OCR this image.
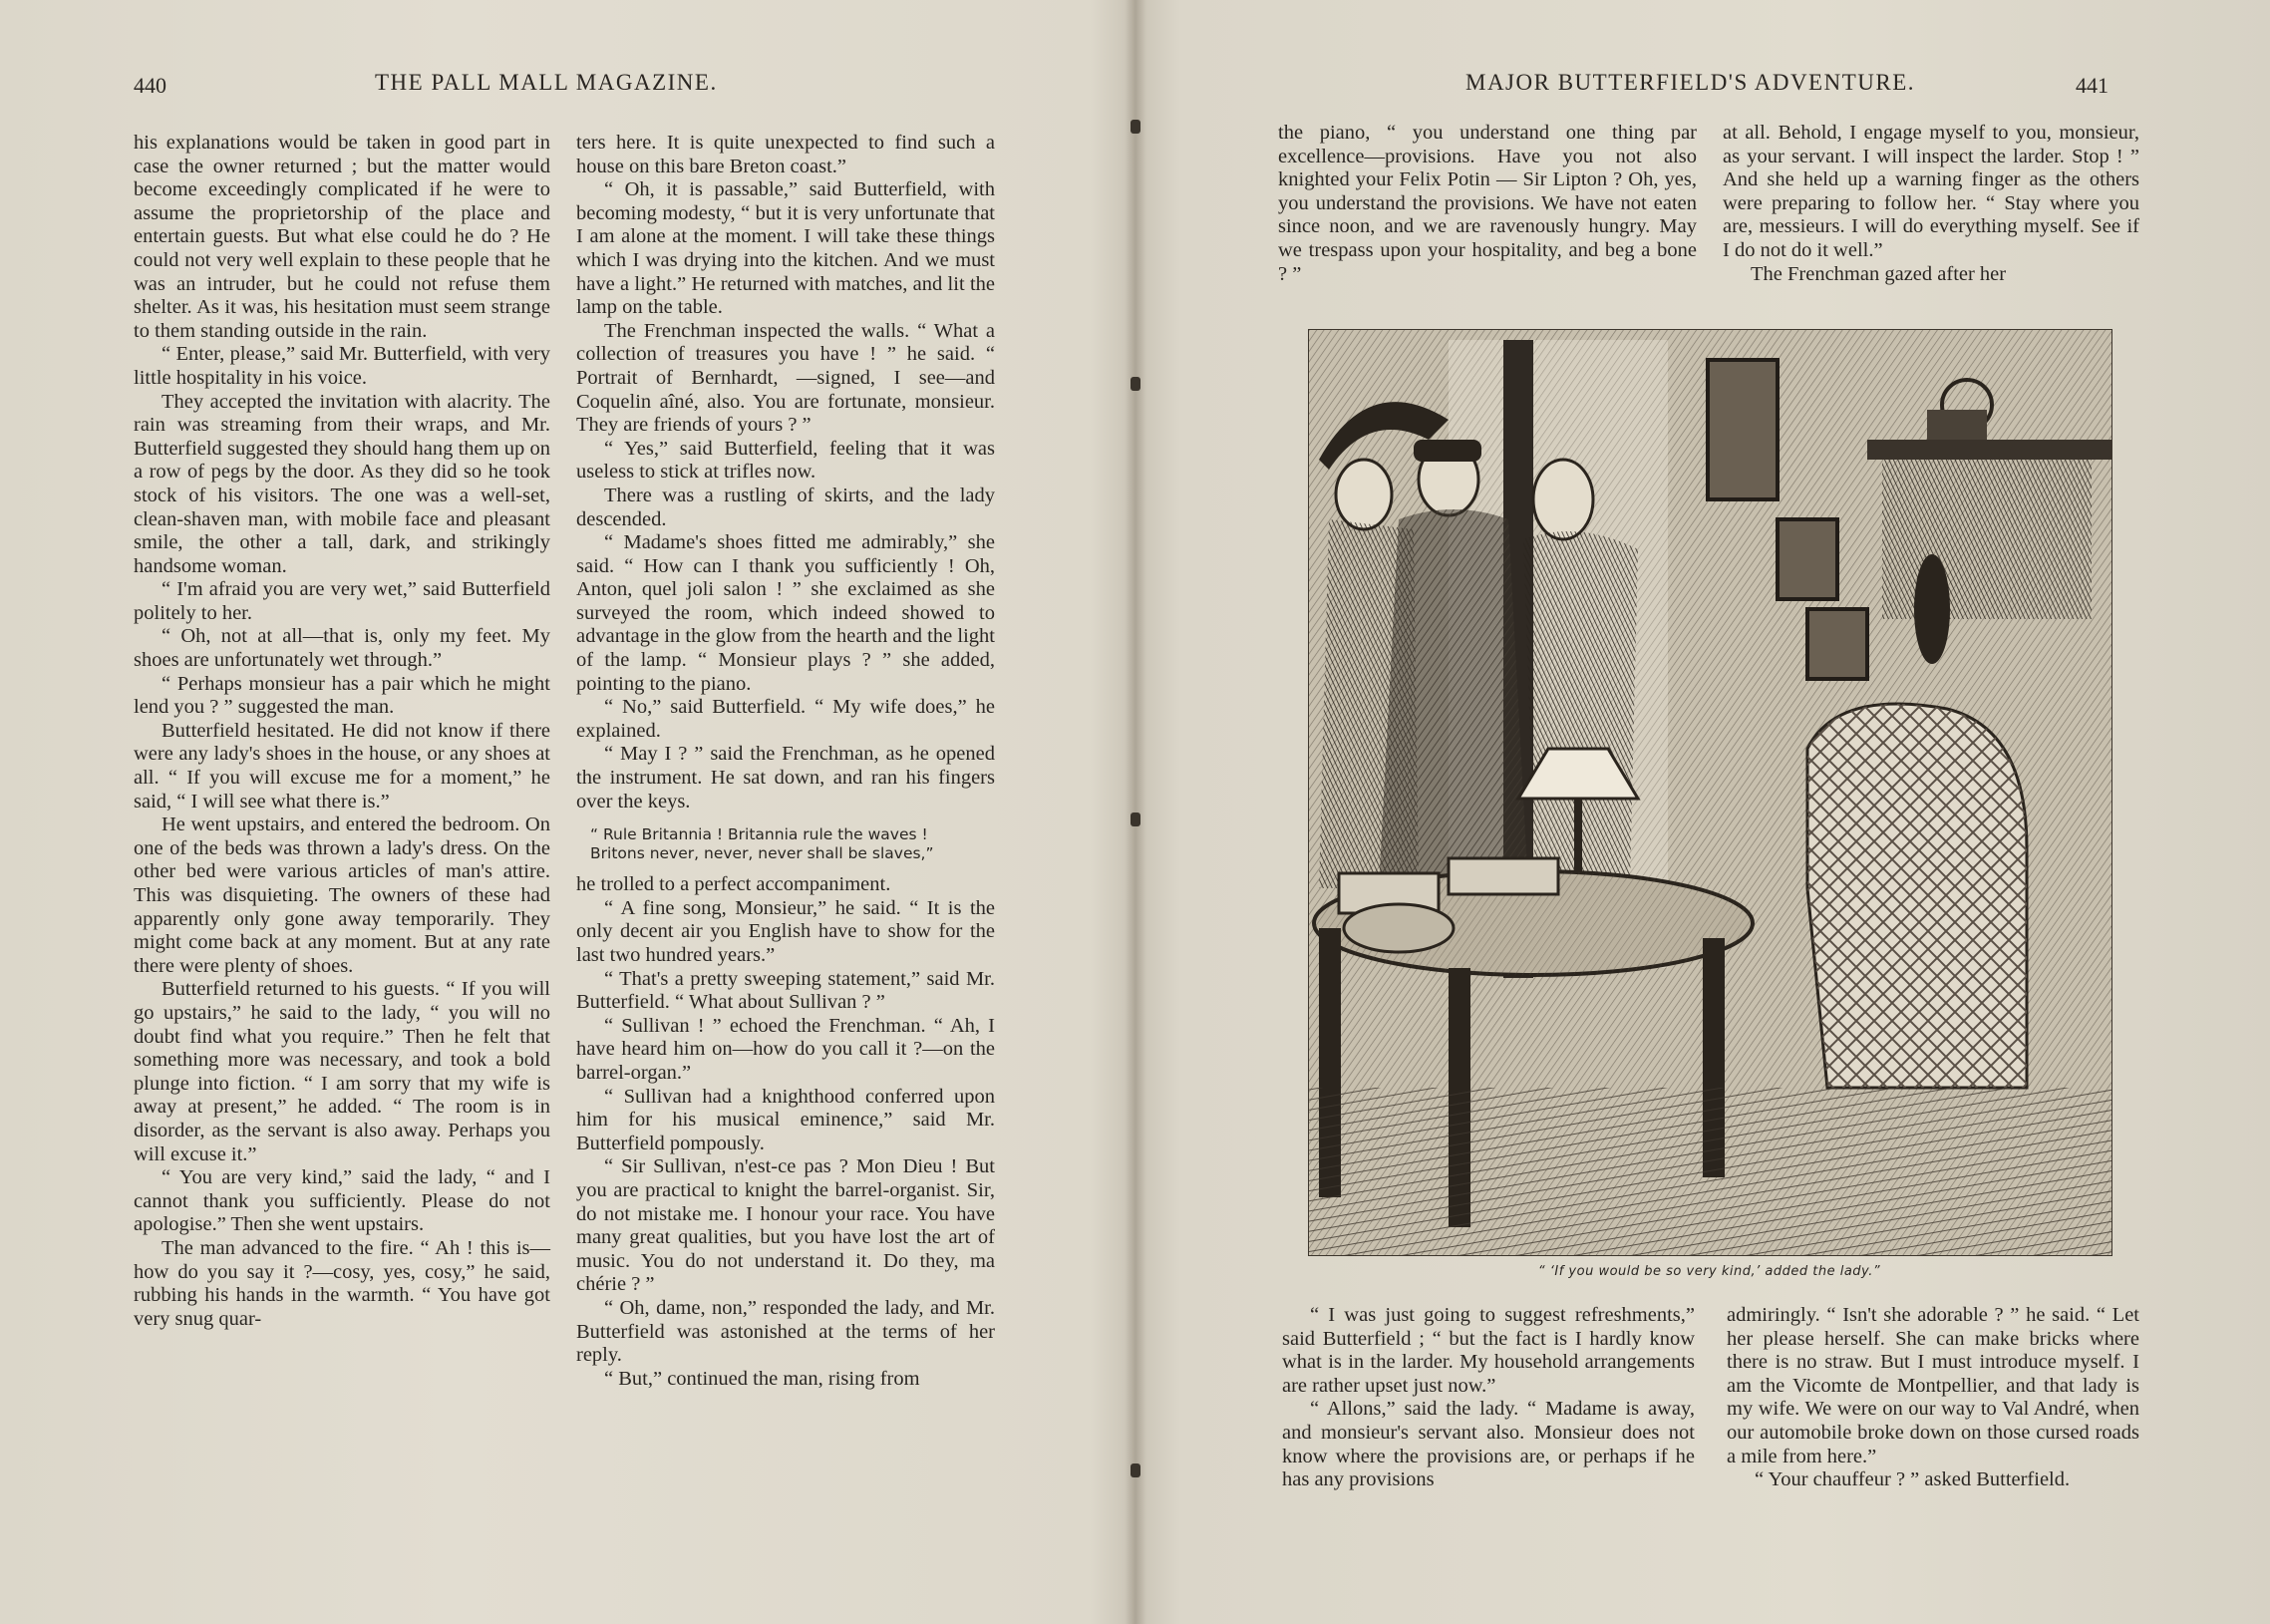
440	THE PALL MALL MAGAZINE.

his explanations would be taken in good part in case the owner returned ; but the matter would become exceedingly complicated if he were to assume the proprietorship of the place and entertain guests. But what else could he do ? He could not very well explain to these people that he was an intruder, but he could not refuse them shelter. As it was, his hesitation must seem strange to them standing outside in the rain.

“ Enter, please,” said Mr. Butterfield, with very little hospitality in his voice.

They accepted the invitation with alacrity. The rain was streaming from their wraps, and Mr. Butterfield suggested they should hang them up on a row of pegs by the door. As they did so he took stock of his visitors. The one was a well-set, clean-shaven man, with mobile face and pleasant smile, the other a tall, dark, and strikingly handsome woman.

“ I'm afraid you are very wet,” said Butterfield politely to her.

“ Oh, not at all—that is, only my feet. My shoes are unfortunately wet through.”

“ Perhaps monsieur has a pair which he might lend you ? ” suggested the man.

Butterfield hesitated. He did not know if there were any lady's shoes in the house, or any shoes at all. “ If you will excuse me for a moment,” he said, “ I will see what there is.”

He went upstairs, and entered the bedroom. On one of the beds was thrown a lady's dress. On the other bed were various articles of man's attire. This was disquieting. The owners of these had apparently only gone away temporarily. They might come back at any moment. But at any rate there were plenty of shoes.

Butterfield returned to his guests. “ If you will go upstairs,” he said to the lady, “ you will no doubt find what you require.” Then he felt that something more was necessary, and took a bold plunge into fiction. “ I am sorry that my wife is away at present,” he added. “ The room is in disorder, as the servant is also away. Perhaps you will excuse it.”

“ You are very kind,” said the lady, “ and I cannot thank you sufficiently. Please do not apologise.” Then she went upstairs.

The man advanced to the fire. “ Ah ! this is—how do you say it ?—cosy, yes, cosy,” he said, rubbing his hands in the warmth. “ You have got very snug quar-

ters here. It is quite unexpected to find such a house on this bare Breton coast.”

“ Oh, it is passable,” said Butterfield, with becoming modesty, “ but it is very unfortunate that I am alone at the moment. I will take these things which I was drying into the kitchen. And we must have a light.” He returned with matches, and lit the lamp on the table.

The Frenchman inspected the walls. “ What a collection of treasures you have ! ” he said. “ Portrait of Bernhardt, —signed, I see—and Coquelin aîné, also. You are fortunate, monsieur. They are friends of yours ? ”

“ Yes,” said Butterfield, feeling that it was useless to stick at trifles now.

There was a rustling of skirts, and the lady descended.

“ Madame's shoes fitted me admirably,” she said. “ How can I thank you sufficiently ! Oh, Anton, quel joli salon ! ” she exclaimed as she surveyed the room, which indeed showed to advantage in the glow from the hearth and the light of the lamp. “ Monsieur plays ? ” she added, pointing to the piano.

“ No,” said Butterfield. “ My wife does,” he explained.

“ May I ? ” said the Frenchman, as he opened the instrument. He sat down, and ran his fingers over the keys.

“ Rule Britannia ! Britannia rule the waves !
Britons never, never, never shall be slaves,”

he trolled to a perfect accompaniment.

“ A fine song, Monsieur,” he said. “ It is the only decent air you English have to show for the last two hundred years.”

“ That's a pretty sweeping statement,” said Mr. Butterfield. “ What about Sullivan ? ”

“ Sullivan ! ” echoed the Frenchman. “ Ah, I have heard him on—how do you call it ?—on the barrel-organ.”

“ Sullivan had a knighthood conferred upon him for his musical eminence,” said Mr. Butterfield pompously.

“ Sir Sullivan, n'est-ce pas ? Mon Dieu ! But you are practical to knight the barrel-organist. Sir, do not mistake me. I honour your race. You have many great qualities, but you have lost the art of music. You do not understand it. Do they, ma chérie ? ”

“ Oh, dame, non,” responded the lady, and Mr. Butterfield was astonished at the terms of her reply.

“ But,” continued the man, rising from

MAJOR BUTTERFIELD'S ADVENTURE.	441

the piano, “ you understand one thing par excellence—provisions. Have you not also knighted your Felix Potin — Sir Lipton ? Oh, yes, you understand the provisions. We have not eaten since noon, and we are ravenously hungry. May we trespass upon your hospitality, and beg a bone ? ”

at all. Behold, I engage myself to you, monsieur, as your servant. I will inspect the larder. Stop ! ” And she held up a warning finger as the others were preparing to follow her. “ Stay where you are, messieurs. I will do everything myself. See if I do not do it well.”

The Frenchman gazed after her

“ I was just going to suggest refreshments,” said Butterfield ; “ but the fact is I hardly know what is in the larder. My household arrangements are rather upset just now.”

“ Allons,” said the lady. “ Madame is away, and monsieur's servant also. Monsieur does not know where the provisions are, or perhaps if he has any provisions

admiringly. “ Isn't she adorable ? ” he said. “ Let her please herself. She can make bricks where there is no straw. But I must introduce myself. I am the Vicomte de Montpellier, and that lady is my wife. We were on our way to Val André, when our automobile broke down on those cursed roads a mile from here.”

“ Your chauffeur ? ” asked Butterfield.

“ ‘If you would be so very kind,’ added the lady.”
